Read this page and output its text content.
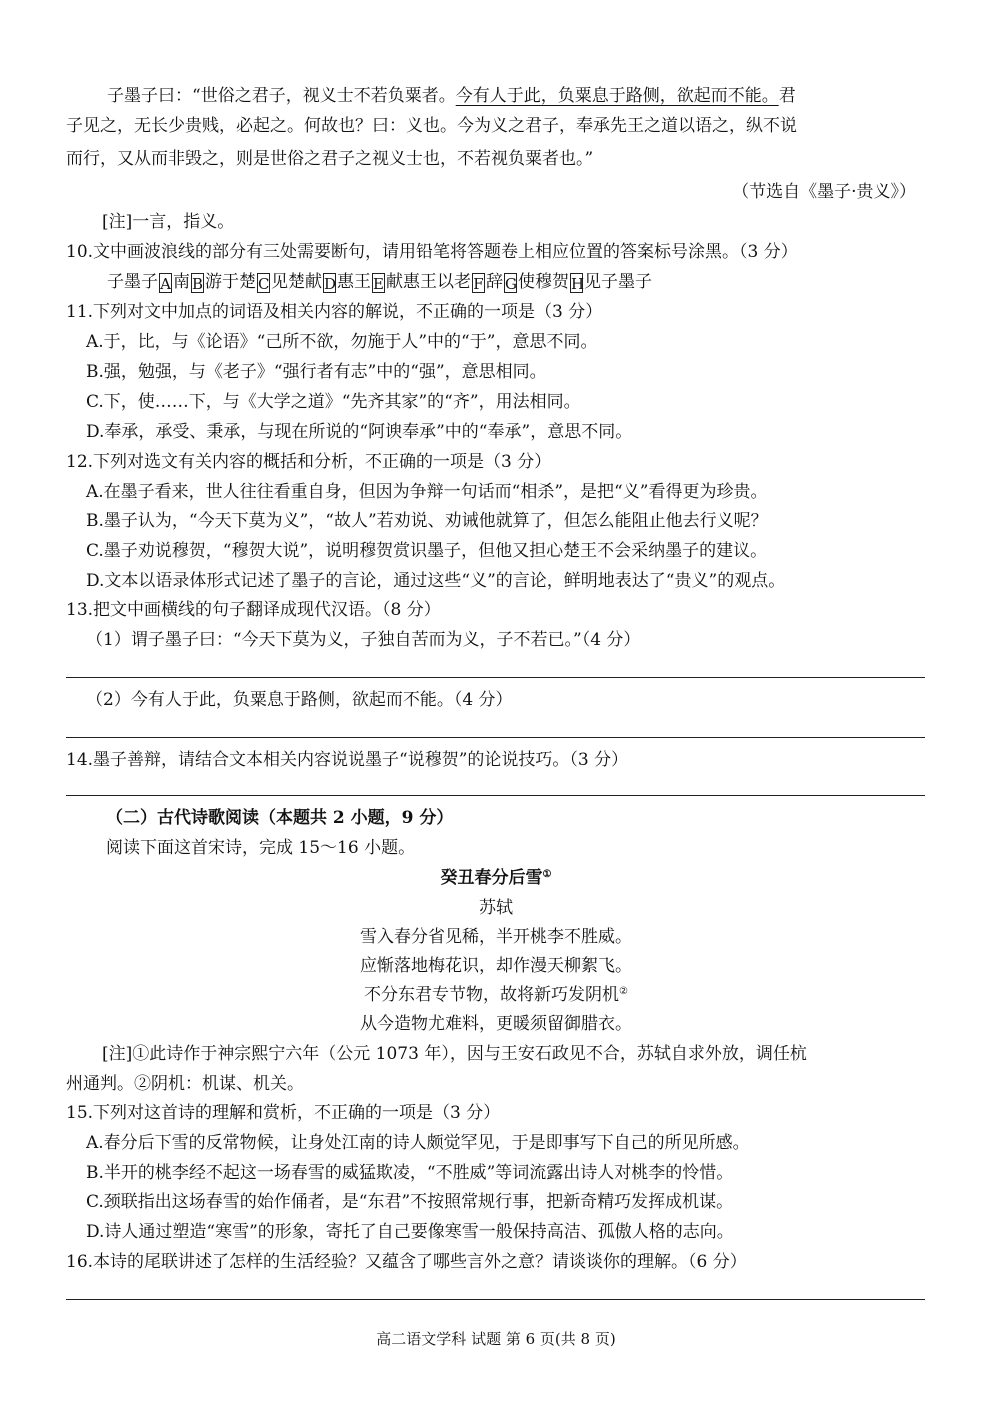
子墨子曰：“世俗之君子，视义士不若负粟者。今有人于此，负粟息于路侧，欲起而不能。君
子见之，无长少贵贱，必起之。何故也？曰：义也。今为义之君子，奉承先王之道以语之，纵不说
而行，又从而非毁之，则是世俗之君子之视义士也，不若视负粟者也。”
（节选自《墨子·贵义》）
[注]一言，指义。
10.文中画波浪线的部分有三处需要断句，请用铅笔将答题卷上相应位置的答案标号涂黑。（3 分）
子墨子 A 南 B 游于楚 C见楚献 D惠王 E 献惠王以老 F 辞 G使穆贺 H见子墨子
11.下列对文中加点的词语及相关内容的解说，不正确的一项是（3 分）
A.于，比，与《论语》“己所不欲，勿施于人”中的“于”，意思不同。
B.强，勉强，与《老子》“强行者有志”中的“强”，意思相同。
C.下，使……下，与《大学之道》“先齐其家”的“齐”，用法相同。
D.奉承，承受、秉承，与现在所说的“阿谀奉承”中的“奉承”，意思不同。
12.下列对选文有关内容的概括和分析，不正确的一项是（3 分）
A.在墨子看来，世人往往看重自身，但因为争辩一句话而“相杀”，是把“义”看得更为珍贵。
B.墨子认为，“今天下莫为义”，“故人”若劝说、劝诫他就算了，但怎么能阻止他去行义呢？
C.墨子劝说穆贺，“穆贺大说”，说明穆贺赏识墨子，但他又担心楚王不会采纳墨子的建议。
D.文本以语录体形式记述了墨子的言论，通过这些“义”的言论，鲜明地表达了“贵义”的观点。
13.把文中画横线的句子翻译成现代汉语。（8 分）
（1）谓子墨子曰：“今天下莫为义，子独自苦而为义，子不若已。”（4 分）
（2）今有人于此，负粟息于路侧，欲起而不能。（4 分）
14.墨子善辩，请结合文本相关内容说说墨子“说穆贺”的论说技巧。（3 分）
（二）古代诗歌阅读（本题共 2 小题，9 分）
阅读下面这首宋诗，完成 15～16 小题。
癸丑春分后雪①
苏轼
雪入春分省见稀，半开桃李不胜威。
应惭落地梅花识，却作漫天柳絮飞。
不分东君专节物，故将新巧发阴机②
从今造物尤难料，更暖须留御腊衣。
[注]①此诗作于神宗熙宁六年（公元 1073 年），因与王安石政见不合，苏轼自求外放，调任杭
州通判。②阴机：机谋、机关。
15.下列对这首诗的理解和赏析，不正确的一项是（3 分）
A.春分后下雪的反常物候，让身处江南的诗人颇觉罕见，于是即事写下自己的所见所感。
B.半开的桃李经不起这一场春雪的威猛欺凌，“不胜威”等词流露出诗人对桃李的怜惜。
C.颈联指出这场春雪的始作俑者，是“东君”不按照常规行事，把新奇精巧发挥成机谋。
D.诗人通过塑造“寒雪”的形象，寄托了自己要像寒雪一般保持高洁、孤傲人格的志向。
16.本诗的尾联讲述了怎样的生活经验？又蕴含了哪些言外之意？请谈谈你的理解。（6 分）
高二语文学科 试题 第 6 页(共 8 页)
